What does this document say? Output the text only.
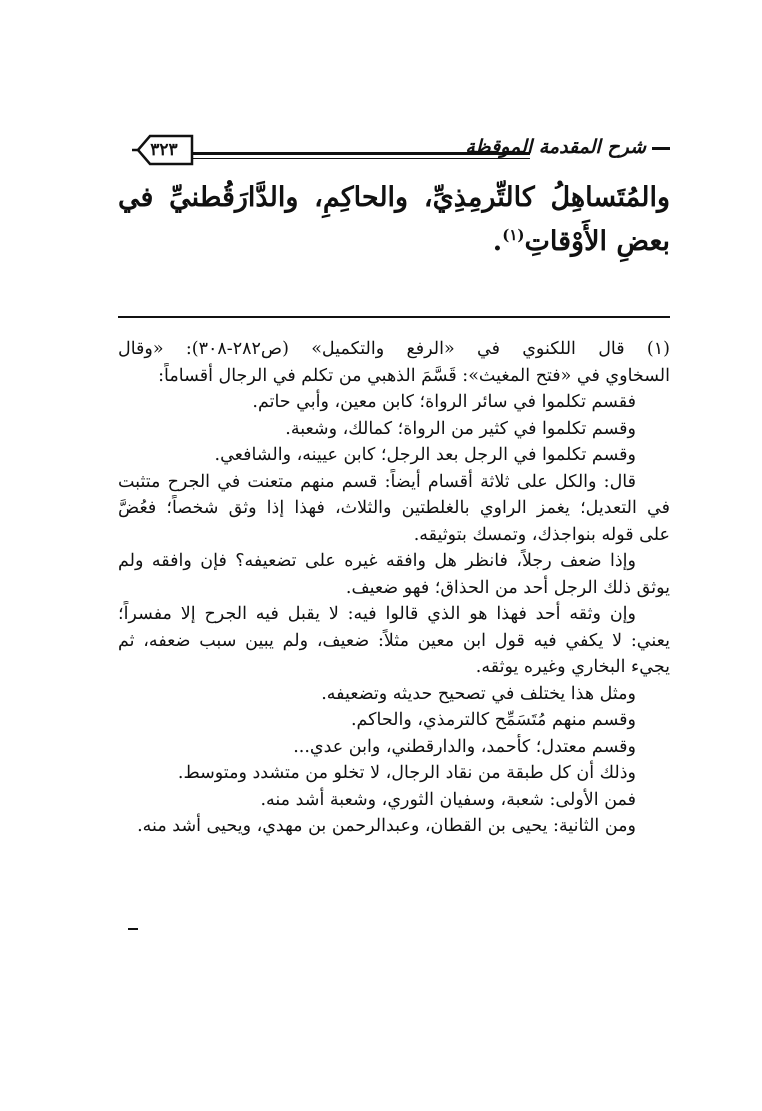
٣٢٣	شرح المقدمة الموقظة
والمُتَساهِلُ كالتِّرمِذِيِّ، والحاكِمِ، والدَّارَقُطنيِّ في بعضِ الأَوْقاتِ$^{(١)}$.

(١) قال اللكنوي في «الرفع والتكميل» (ص٢٨٢-٣٠٨): «وقال

السخاوي في «فتح المغيث»: قَسَّمَ الذهبي من تكلم في الرجال أقساماً:

فقسم تكلموا في سائر الرواة؛ كابن معين، وأبي حاتم.

وقسم تكلموا في كثير من الرواة؛ كمالك، وشعبة.

وقسم تكلموا في الرجل بعد الرجل؛ كابن عيينه، والشافعي.

قال: والكل على ثلاثة أقسام أيضاً: قسم منهم متعنت في الجرح متثبت

في التعديل؛ يغمز الراوي بالغلطتين والثلاث، فهذا إذا وثق شخصاً؛ فعُضَّ

على قوله بنواجذك، وتمسك بتوثيقه.

وإذا ضعف رجلاً، فانظر هل وافقه غيره على تضعيفه؟ فإن وافقه ولم

يوثق ذلك الرجل أحد من الحذاق؛ فهو ضعيف.

وإن وثقه أحد فهذا هو الذي قالوا فيه: لا يقبل فيه الجرح إلا مفسراً؛

يعني: لا يكفي فيه قول ابن معين مثلاً: ضعيف، ولم يبين سبب ضعفه، ثم

يجيء البخاري وغيره يوثقه.

ومثل هذا يختلف في تصحيح حديثه وتضعيفه.

وقسم منهم مُتَسَمِّح كالترمذي، والحاكم.

وقسم معتدل؛ كأحمد، والدارقطني، وابن عدي...

وذلك أن كل طبقة من نقاد الرجال، لا تخلو من متشدد ومتوسط.

فمن الأولى: شعبة، وسفيان الثوري، وشعبة أشد منه.

ومن الثانية: يحيى بن القطان، وعبدالرحمن بن مهدي، ويحيى أشد منه.
